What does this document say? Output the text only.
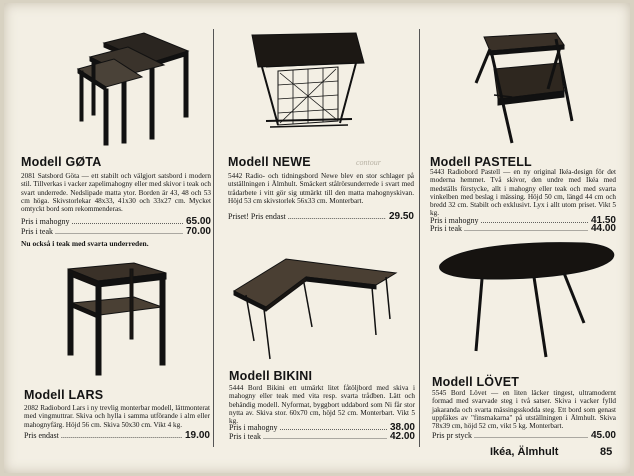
Modell GØTA
2081 Satsbord Göta — ett stabilt och välgjort satsbord i modern stil. Tillverkas i vacker zapelimahogny eller med skivor i teak och svart underrede. Nedslipade matta ytor. Borden är 43, 48 och 53 cm höga. Skivstorlekar 48x33, 41x30 och 33x27 cm. Mycket omtyckt bord som rekommenderas.
Pris i mahogny .....	65.00
Pris i teak .....	70.00
Nu också i teak med svarta underreden.
contour
Modell NEWE
5442 Radio- och tidningsbord Newe blev en stor schlager på utställningen i Älmhult. Smäckert stålrörsunderrede i svart med trådarbete i vitt gör sig utmärkt till den matta mahognyskivan. Höjd 53 cm skivstorlek 56x33 cm. Monterbart.
Priset! Pris endast .....	29.50
Modell PASTELL
5443 Radiobord Pastell — en ny original Ikéa-design för det moderna hemmet. Två skivor, den undre med Ikéa med medställs förstycke, allt i mahogny eller teak och med svarta vinkelben med beslag i mässing. Höjd 50 cm, längd 44 cm och bredd 32 cm. Stabilt och exklusivt. Lyx i allt utom priset. Vikt 5 kg.
Pris i mahogny .....	41.50
Pris i teak .....	44.00
Modell LARS
2082 Radiobord Lars i ny trevlig monterbar modell, lättmonterat med vingmuttrar. Skiva och hylla i samma utförande i alm eller mahognyfärg. Höjd 56 cm. Skiva 50x30 cm. Vikt 4 kg.
Pris endast .....	19.00
Modell BIKINI
5444 Bord Bikini ett utmärkt litet fåtöljbord med skiva i mahogny eller teak med vita resp. svarta trådben. Lätt och behändig modell. Nyformat, byggbort uddabord som Ni får stor nytta av. Skiva stor. 60x70 cm, höjd 52 cm. Monterbart. Vikt 5 kg.
Pris i mahogny .....	38.00
Pris i teak .....	42.00
Modell LÖVET
5545 Bord Lövet — en liten läcker tingest, ultramodernt formad med svarvade steg i två satser. Skiva i vacker fylld jakaranda och svarta mässingsskodda steg. Ett bord som genast uppfäkes av "finsmakarna" på utställningen i Älmhult. Skiva 78x39 cm, höjd 52 cm, vikt 5 kg. Monterbart.
Pris pr styck .....	45.00
Ikéa, Älmhult	85
